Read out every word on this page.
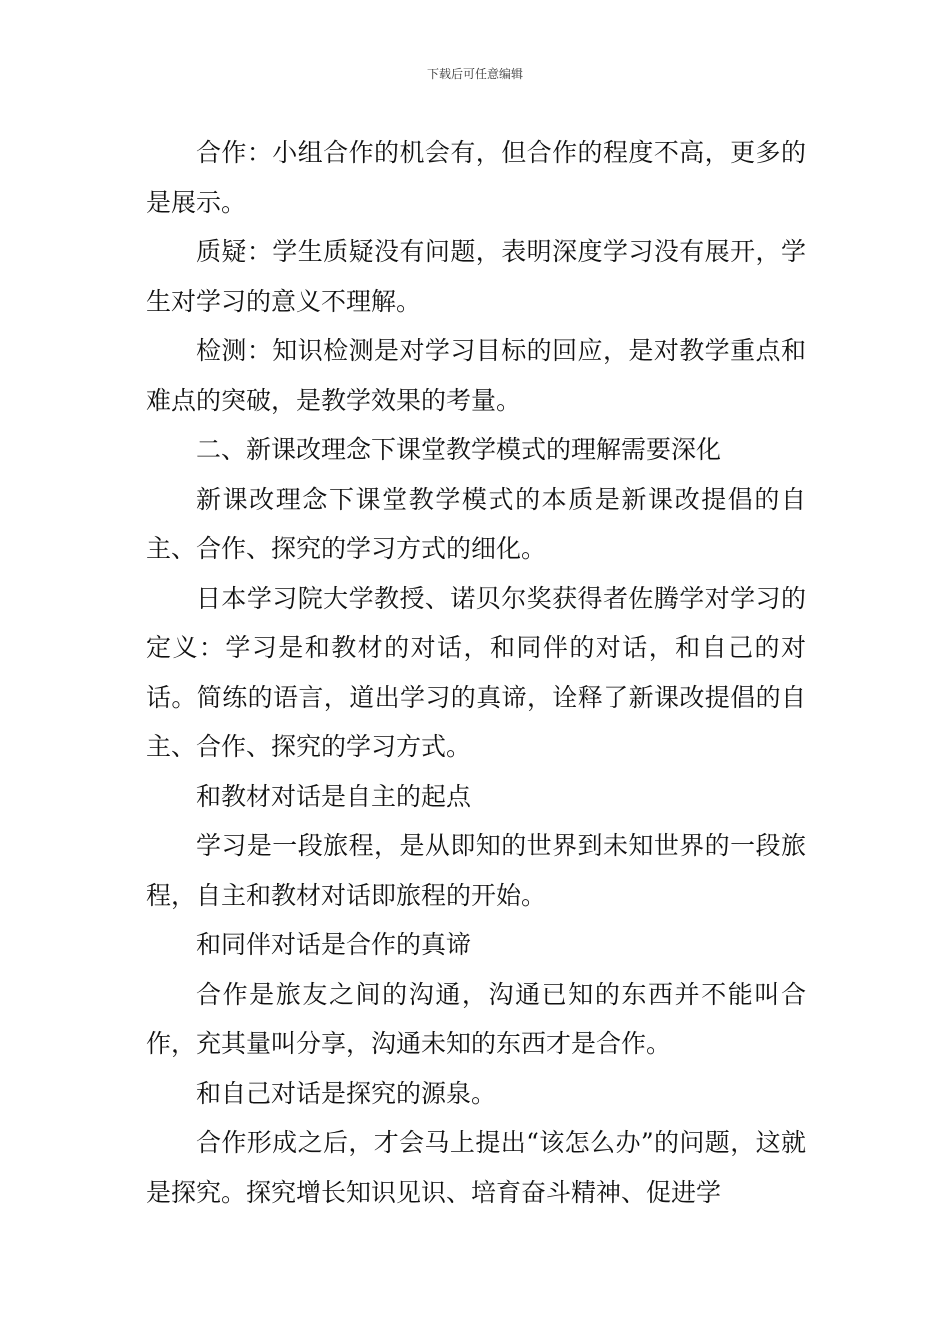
下载后可任意编辑

合作：小组合作的机会有，但合作的程度不高，更多的是展示。

质疑：学生质疑没有问题，表明深度学习没有展开，学生对学习的意义不理解。

检测：知识检测是对学习目标的回应，是对教学重点和难点的突破，是教学效果的考量。

二、新课改理念下课堂教学模式的理解需要深化

新课改理念下课堂教学模式的本质是新课改提倡的自主、合作、探究的学习方式的细化。

日本学习院大学教授、诺贝尔奖获得者佐腾学对学习的定义：学习是和教材的对话，和同伴的对话，和自己的对话。简练的语言，道出学习的真谛，诠释了新课改提倡的自主、合作、探究的学习方式。

和教材对话是自主的起点

学习是一段旅程，是从即知的世界到未知世界的一段旅程，自主和教材对话即旅程的开始。

和同伴对话是合作的真谛

合作是旅友之间的沟通，沟通已知的东西并不能叫合作，充其量叫分享，沟通未知的东西才是合作。

和自己对话是探究的源泉。

合作形成之后，才会马上提出“该怎么办”的问题，这就是探究。探究增长知识见识、培育奋斗精神、促进学
